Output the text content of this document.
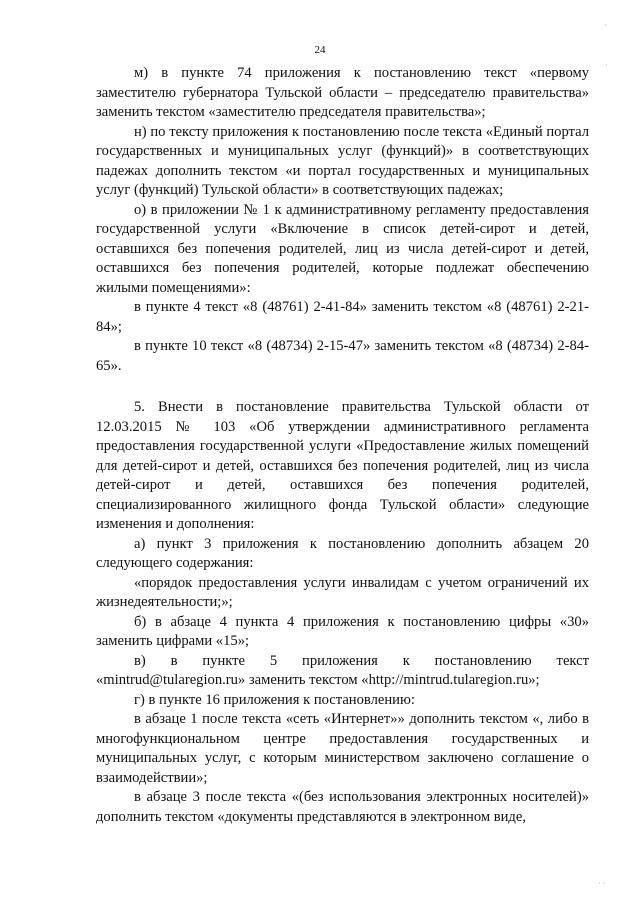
24

м) в пункте 74 приложения к постановлению текст «первому заместителю губернатора Тульской области – председателю правительства» заменить текстом «заместителю председателя правительства»;

н) по тексту приложения к постановлению после текста «Единый портал государственных и муниципальных услуг (функций)» в соответствующих падежах дополнить текстом «и портал государственных и муниципальных услуг (функций) Тульской области» в соответствующих падежах;

о) в приложении № 1 к административному регламенту предоставления государственной услуги «Включение в список детей-сирот и детей, оставшихся без попечения родителей, лиц из числа детей-сирот и детей, оставшихся без попечения родителей, которые подлежат обеспечению жилыми помещениями»:

в пункте 4 текст «8 (48761) 2-41-84» заменить текстом «8 (48761) 2-21-84»;

в пункте 10 текст «8 (48734) 2-15-47» заменить текстом «8 (48734) 2-84-65».

5. Внести в постановление правительства Тульской области от 12.03.2015 № 103 «Об утверждении административного регламента предоставления государственной услуги «Предоставление жилых помещений для детей-сирот и детей, оставшихся без попечения родителей, лиц из числа детей-сирот и детей, оставшихся без попечения родителей, специализированного жилищного фонда Тульской области» следующие изменения и дополнения:

а) пункт 3 приложения к постановлению дополнить абзацем 20 следующего содержания:

«порядок предоставления услуги инвалидам с учетом ограничений их жизнедеятельности;»;

б) в абзаце 4 пункта 4 приложения к постановлению цифры «30» заменить цифрами «15»;

в) в пункте 5 приложения к постановлению текст «mintrud@tularegion.ru» заменить текстом «http://mintrud.tularegion.ru»;

г) в пункте 16 приложения к постановлению:

в абзаце 1 после текста «сеть «Интернет»» дополнить текстом «, либо в многофункциональном центре предоставления государственных и муниципальных услуг, с которым министерством заключено соглашение о взаимодействии»;

в абзаце 3 после текста «(без использования электронных носителей)» дополнить текстом «документы представляются в электронном виде,

·
·
· ·
